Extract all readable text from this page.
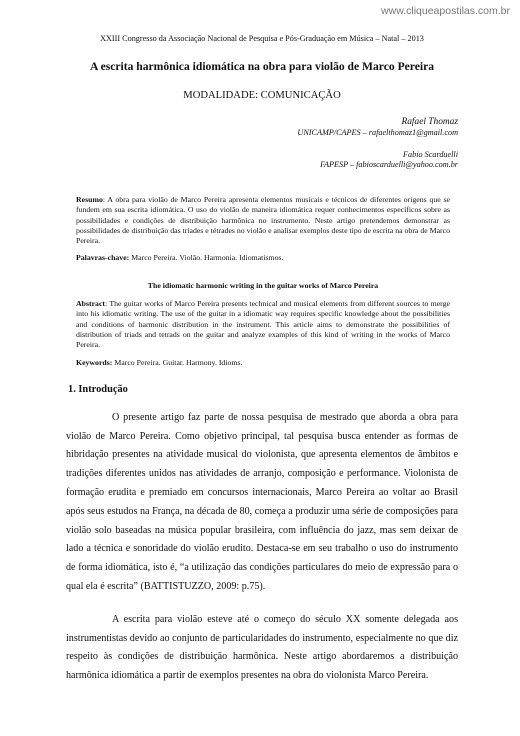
www.cliqueapostilas.com.br

XXIII Congresso da Associação Nacional de Pesquisa e Pós-Graduação em Música – Natal – 2013

A escrita harmônica idiomática na obra para violão de Marco Pereira

MODALIDADE: COMUNICAÇÃO

Rafael Thomaz

UNICAMP/CAPES – rafaelthomaz1@gmail.com

Fabio Scarduelli

FAPESP – fabioscarduelli@yahoo.com.br

Resumo: A obra para violão de Marco Pereira apresenta elementos musicais e técnicos de diferentes origens que se fundem em sua escrita idiomática. O uso do violão de maneira idiomática requer conhecimentos específicos sobre as possibilidades e condições de distribuição harmônica no instrumento. Neste artigo pretendemos demonstrar as possibilidades de distribuição das tríades e tétrades no violão e analisar exemplos deste tipo de escrita na obra de Marco Pereira.

Palavras-chave: Marco Pereira. Violão. Harmonia. Idiomatismos.

The idiomatic harmonic writing in the guitar works of Marco Pereira

Abstract: The guitar works of Marco Pereira presents technical and musical elements from different sources to merge into his idiomatic writing. The use of the guitar in a idiomatic way requires specific knowledge about the possibilities and conditions of harmonic distribution in the instrument. This article aims to demonstrate the possibilities of distribution of triads and tetrads on the guitar and analyze examples of this kind of writing in the works of Marco Pereira.

Keywords: Marco Pereira. Guitar. Harmony. Idioms.

1. Introdução

O presente artigo faz parte de nossa pesquisa de mestrado que aborda a obra para violão de Marco Pereira. Como objetivo principal, tal pesquisa busca entender as formas de hibridação presentes na atividade musical do violonista, que apresenta elementos de âmbitos e tradições diferentes unidos nas atividades de arranjo, composição e performance. Violonista de formação erudita e premiado em concursos internacionais, Marco Pereira ao voltar ao Brasil após seus estudos na França, na década de 80, começa a produzir uma série de composições para violão solo baseadas na música popular brasileira, com influência do jazz, mas sem deixar de lado a técnica e sonoridade do violão erudito. Destaca-se em seu trabalho o uso do instrumento de forma idiomática, isto é, “a utilização das condições particulares do meio de expressão para o qual ela é escrita” (BATTISTUZZO, 2009: p.75).

A escrita para violão esteve até o começo do século XX somente delegada aos instrumentistas devido ao conjunto de particularidades do instrumento, especialmente no que diz respeito às condições de distribuição harmônica. Neste artigo abordaremos a distribuição harmônica idiomática a partir de exemplos presentes na obra do violonista Marco Pereira.
